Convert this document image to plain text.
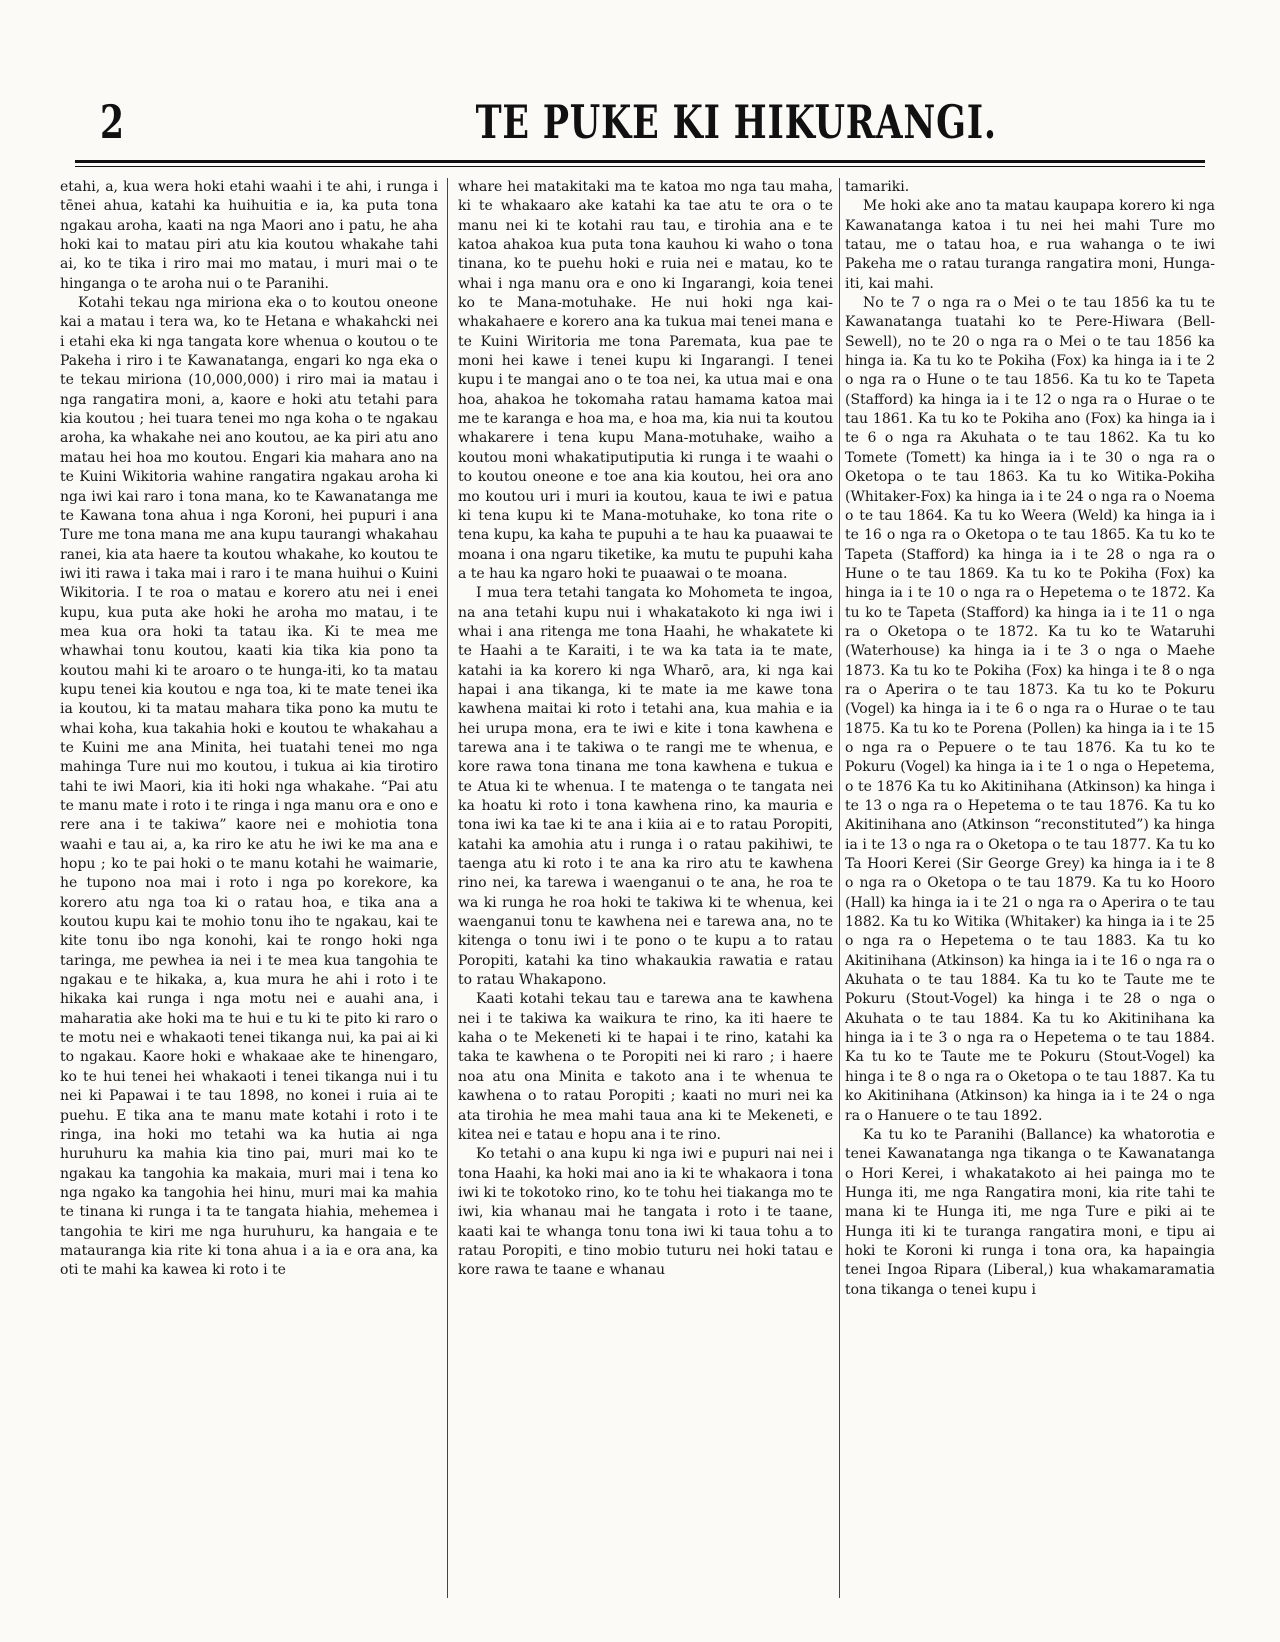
2	TE PUKE KI HIKURANGI.

etahi, a, kua wera hoki etahi waahi i te ahi, i runga i tēnei ahua, katahi ka huihuitia e ia, ka puta tona ngakau aroha, kaati na nga Maori ano i patu, he aha hoki kai to matau piri atu kia koutou whakahe tahi ai, ko te tika i riro mai mo matau, i muri mai o te hinganga o te aroha nui o te Paranihi.

Kotahi tekau nga miriona eka o to koutou oneone kai a matau i tera wa, ko te Hetana e whakahcki nei i etahi eka ki nga tangata kore whenua o koutou o te Pakeha i riro i te Kawanatanga, engari ko nga eka o te tekau miriona (10,000,000) i riro mai ia matau i nga rangatira moni, a, kaore e hoki atu tetahi para kia koutou ; hei tuara tenei mo nga koha o te ngakau aroha, ka whakahe nei ano koutou, ae ka piri atu ano matau hei hoa mo koutou. Engari kia mahara ano na te Kuini Wikitoria wahine rangatira ngakau aroha ki nga iwi kai raro i tona mana, ko te Kawanatanga me te Kawana tona ahua i nga Koroni, hei pupuri i ana Ture me tona mana me ana kupu taurangi whakahau ranei, kia ata haere ta koutou whakahe, ko koutou te iwi iti rawa i taka mai i raro i te mana huihui o Kuini Wikitoria. I te roa o matau e korero atu nei i enei kupu, kua puta ake hoki he aroha mo matau, i te mea kua ora hoki ta tatau ika. Ki te mea me whawhai tonu koutou, kaati kia tika kia pono ta koutou mahi ki te aroaro o te hunga-iti, ko ta matau kupu tenei kia koutou e nga toa, ki te mate tenei ika ia koutou, ki ta matau mahara tika pono ka mutu te whai koha, kua takahia hoki e koutou te whakahau a te Kuini me ana Minita, hei tuatahi tenei mo nga mahinga Ture nui mo koutou, i tukua ai kia tirotiro tahi te iwi Maori, kia iti hoki nga whakahe. “Pai atu te manu mate i roto i te ringa i nga manu ora e ono e rere ana i te takiwa” kaore nei e mohiotia tona waahi e tau ai, a, ka riro ke atu he iwi ke ma ana e hopu ; ko te pai hoki o te manu kotahi he waimarie, he tupono noa mai i roto i nga po korekore, ka korero atu nga toa ki o ratau hoa, e tika ana a koutou kupu kai te mohio tonu iho te ngakau, kai te kite tonu ibo nga konohi, kai te rongo hoki nga taringa, me pewhea ia nei i te mea kua tangohia te ngakau e te hikaka, a, kua mura he ahi i roto i te hikaka kai runga i nga motu nei e auahi ana, i maharatia ake hoki ma te hui e tu ki te pito ki raro o te motu nei e whakaoti tenei tikanga nui, ka pai ai ki to ngakau. Kaore hoki e whakaae ake te hinengaro, ko te hui tenei hei whakaoti i tenei tikanga nui i tu nei ki Papawai i te tau 1898, no konei i ruia ai te puehu. E tika ana te manu mate kotahi i roto i te ringa, ina hoki mo tetahi wa ka hutia ai nga huruhuru ka mahia kia tino pai, muri mai ko te ngakau ka tangohia ka makaia, muri mai i tena ko nga ngako ka tangohia hei hinu, muri mai ka mahia te tinana ki runga i ta te tangata hiahia, mehemea i tangohia te kiri me nga huruhuru, ka hangaia e te matauranga kia rite ki tona ahua i a ia e ora ana, ka oti te mahi ka kawea ki roto i te

whare hei matakitaki ma te katoa mo nga tau maha, ki te whakaaro ake katahi ka tae atu te ora o te manu nei ki te kotahi rau tau, e tirohia ana e te katoa ahakoa kua puta tona kauhou ki waho o tona tinana, ko te puehu hoki e ruia nei e matau, ko te whai i nga manu ora e ono ki Ingarangi, koia tenei ko te Mana-motuhake. He nui hoki nga kai-whakahaere e korero ana ka tukua mai tenei mana e te Kuini Wiritoria me tona Paremata, kua pae te moni hei kawe i tenei kupu ki Ingarangi. I tenei kupu i te mangai ano o te toa nei, ka utua mai e ona hoa, ahakoa he tokomaha ratau hamama katoa mai me te karanga e hoa ma, e hoa ma, kia nui ta koutou whakarere i tena kupu Mana-motuhake, waiho a koutou moni whakatiputiputia ki runga i te waahi o to koutou oneone e toe ana kia koutou, hei ora ano mo koutou uri i muri ia koutou, kaua te iwi e patua ki tena kupu ki te Mana-motuhake, ko tona rite o tena kupu, ka kaha te pupuhi a te hau ka puaawai te moana i ona ngaru tiketike, ka mutu te pupuhi kaha a te hau ka ngaro hoki te puaawai o te moana.

I mua tera tetahi tangata ko Mohometa te ingoa, na ana tetahi kupu nui i whakatakoto ki nga iwi i whai i ana ritenga me tona Haahi, he whakatete ki te Haahi a te Karaiti, i te wa ka tata ia te mate, katahi ia ka korero ki nga Wharō, ara, ki nga kai hapai i ana tikanga, ki te mate ia me kawe tona kawhena maitai ki roto i tetahi ana, kua mahia e ia hei urupa mona, era te iwi e kite i tona kawhena e tarewa ana i te takiwa o te rangi me te whenua, e kore rawa tona tinana me tona kawhena e tukua e te Atua ki te whenua. I te matenga o te tangata nei ka hoatu ki roto i tona kawhena rino, ka mauria e tona iwi ka tae ki te ana i kiia ai e to ratau Poropiti, katahi ka amohia atu i runga i o ratau pakihiwi, te taenga atu ki roto i te ana ka riro atu te kawhena rino nei, ka tarewa i waenganui o te ana, he roa te wa ki runga he roa hoki te takiwa ki te whenua, kei waenganui tonu te kawhena nei e tarewa ana, no te kitenga o tonu iwi i te pono o te kupu a to ratau Poropiti, katahi ka tino whakaukia rawatia e ratau to ratau Whakapono.

Kaati kotahi tekau tau e tarewa ana te kawhena nei i te takiwa ka waikura te rino, ka iti haere te kaha o te Mekeneti ki te hapai i te rino, katahi ka taka te kawhena o te Poropiti nei ki raro ; i haere noa atu ona Minita e takoto ana i te whenua te kawhena o to ratau Poropiti ; kaati no muri nei ka ata tirohia he mea mahi taua ana ki te Mekeneti, e kitea nei e tatau e hopu ana i te rino.

Ko tetahi o ana kupu ki nga iwi e pupuri nai nei i tona Haahi, ka hoki mai ano ia ki te whakaora i tona iwi ki te tokotoko rino, ko te tohu hei tiakanga mo te iwi, kia whanau mai he tangata i roto i te taane, kaati kai te whanga tonu tona iwi ki taua tohu a to ratau Poropiti, e tino mobio tuturu nei hoki tatau e kore rawa te taane e whanau

tamariki.

Me hoki ake ano ta matau kaupapa korero ki nga Kawanatanga katoa i tu nei hei mahi Ture mo tatau, me o tatau hoa, e rua wahanga o te iwi Pakeha me o ratau turanga rangatira moni, Hunga-iti, kai mahi.

No te 7 o nga ra o Mei o te tau 1856 ka tu te Kawanatanga tuatahi ko te Pere-Hiwara (Bell-Sewell), no te 20 o nga ra o Mei o te tau 1856 ka hinga ia. Ka tu ko te Pokiha (Fox) ka hinga ia i te 2 o nga ra o Hune o te tau 1856. Ka tu ko te Tapeta (Stafford) ka hinga ia i te 12 o nga ra o Hurae o te tau 1861. Ka tu ko te Pokiha ano (Fox) ka hinga ia i te 6 o nga ra Akuhata o te tau 1862. Ka tu ko Tomete (Tomett) ka hinga ia i te 30 o nga ra o Oketopa o te tau 1863. Ka tu ko Witika-Pokiha (Whitaker-Fox) ka hinga ia i te 24 o nga ra o Noema o te tau 1864. Ka tu ko Weera (Weld) ka hinga ia i te 16 o nga ra o Oketopa o te tau 1865. Ka tu ko te Tapeta (Stafford) ka hinga ia i te 28 o nga ra o Hune o te tau 1869. Ka tu ko te Pokiha (Fox) ka hinga ia i te 10 o nga ra o Hepetema o te 1872. Ka tu ko te Tapeta (Stafford) ka hinga ia i te 11 o nga ra o Oketopa o te 1872. Ka tu ko te Wataruhi (Waterhouse) ka hinga ia i te 3 o nga o Maehe 1873. Ka tu ko te Pokiha (Fox) ka hinga i te 8 o nga ra o Aperira o te tau 1873. Ka tu ko te Pokuru (Vogel) ka hinga ia i te 6 o nga ra o Hurae o te tau 1875. Ka tu ko te Porena (Pollen) ka hinga ia i te 15 o nga ra o Pepuere o te tau 1876. Ka tu ko te Pokuru (Vogel) ka hinga ia i te 1 o nga o Hepetema, o te 1876 Ka tu ko Akitinihana (Atkinson) ka hinga i te 13 o nga ra o Hepetema o te tau 1876. Ka tu ko Akitinihana ano (Atkinson “reconstituted”) ka hinga ia i te 13 o nga ra o Oketopa o te tau 1877. Ka tu ko Ta Hoori Kerei (Sir George Grey) ka hinga ia i te 8 o nga ra o Oketopa o te tau 1879. Ka tu ko Hooro (Hall) ka hinga ia i te 21 o nga ra o Aperira o te tau 1882. Ka tu ko Witika (Whitaker) ka hinga ia i te 25 o nga ra o Hepetema o te tau 1883. Ka tu ko Akitinihana (Atkinson) ka hinga ia i te 16 o nga ra o Akuhata o te tau 1884. Ka tu ko te Taute me te Pokuru (Stout-Vogel) ka hinga i te 28 o nga o Akuhata o te tau 1884. Ka tu ko Akitinihana ka hinga ia i te 3 o nga ra o Hepetema o te tau 1884. Ka tu ko te Taute me te Pokuru (Stout-Vogel) ka hinga i te 8 o nga ra o Oketopa o te tau 1887. Ka tu ko Akitinihana (Atkinson) ka hinga ia i te 24 o nga ra o Hanuere o te tau 1892.

Ka tu ko te Paranihi (Ballance) ka whatorotia e tenei Kawanatanga nga tikanga o te Kawanatanga o Hori Kerei, i whakatakoto ai hei painga mo te Hunga iti, me nga Rangatira moni, kia rite tahi te mana ki te Hunga iti, me nga Ture e piki ai te Hunga iti ki te turanga rangatira moni, e tipu ai hoki te Koroni ki runga i tona ora, ka hapaingia tenei Ingoa Ripara (Liberal,) kua whakamaramatia tona tikanga o tenei kupu i
